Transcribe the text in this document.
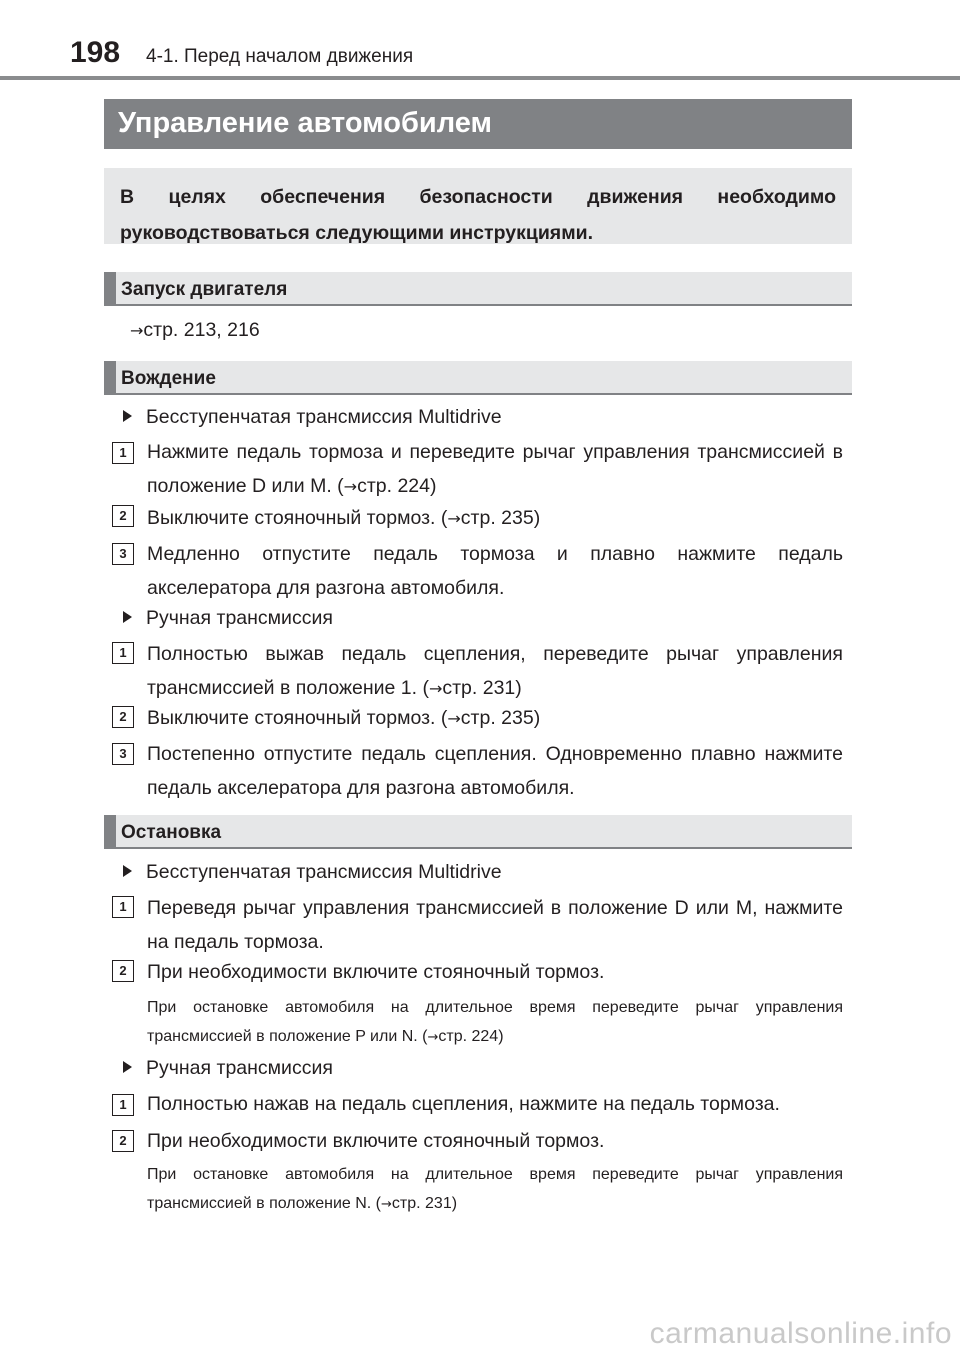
198 4-1. Перед началом движения
Управление автомобилем
В целях обеспечения безопасности движения необходимо руководствоваться следующими инструкциями.
Запуск двигателя
→стр. 213, 216
Вождение
Бесступенчатая трансмиссия Multidrive
1	Нажмите педаль тормоза и переведите рычаг управления трансмиссией в положение D или M. (→стр. 224)
2	Выключите стояночный тормоз. (→стр. 235)
3	Медленно отпустите педаль тормоза и плавно нажмите педаль акселератора для разгона автомобиля.
Ручная трансмиссия
1	Полностью выжав педаль сцепления, переведите рычаг управления трансмиссией в положение 1. (→стр. 231)
2	Выключите стояночный тормоз. (→стр. 235)
3	Постепенно отпустите педаль сцепления. Одновременно плавно нажмите педаль акселератора для разгона автомобиля.
Остановка
Бесступенчатая трансмиссия Multidrive
1	Переведя рычаг управления трансмиссией в положение D или M, нажмите на педаль тормоза.
2	При необходимости включите стояночный тормоз.
При остановке автомобиля на длительное время переведите рычаг управления трансмиссией в положение P или N. (→стр. 224)
Ручная трансмиссия
1	Полностью нажав на педаль сцепления, нажмите на педаль тормоза.
2	При необходимости включите стояночный тормоз.
При остановке автомобиля на длительное время переведите рычаг управления трансмиссией в положение N. (→стр. 231)
carmanualsonline.info
